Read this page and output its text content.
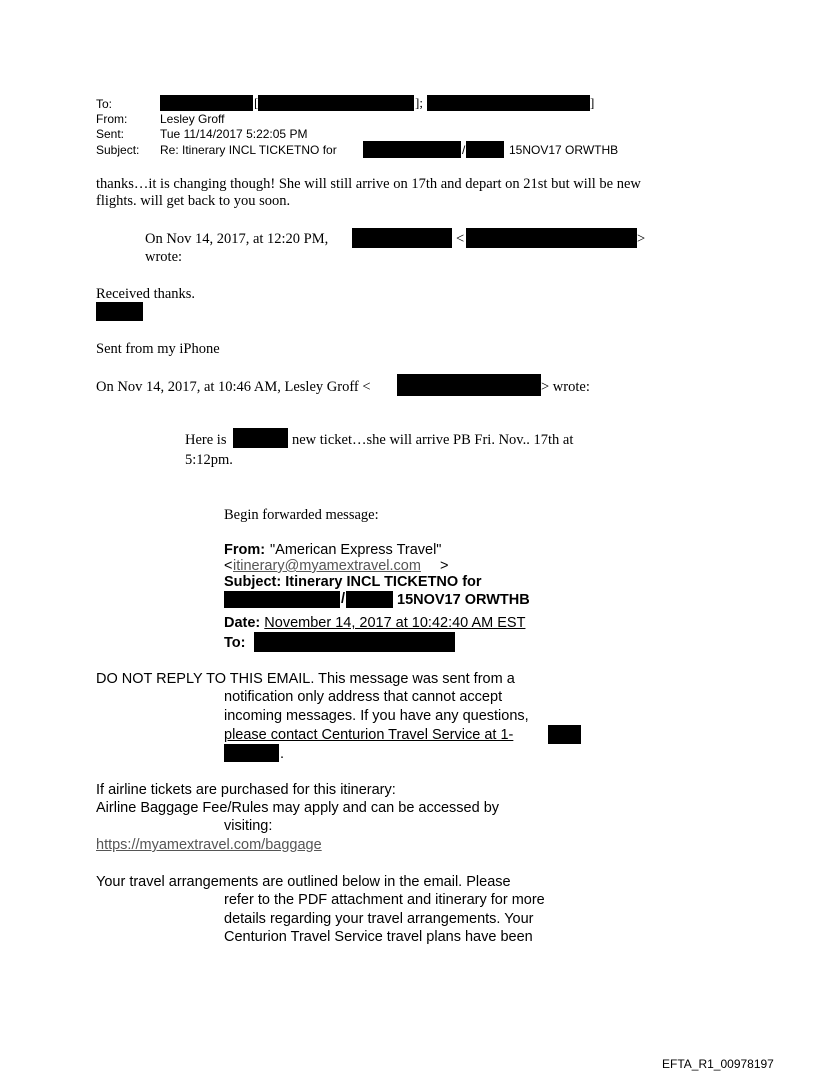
To:	[	];	]
From:	Lesley Groff
Sent:	Tue 11/14/2017 5:22:05 PM
Subject: Re: Itinerary INCL TICKETNO for	/	15NOV17 ORWTHB
thanks…it is changing though! She will still arrive on 17th and depart on 21st but will be new
flights. will get back to you soon.
On Nov 14, 2017, at 12:20 PM,	<	>
wrote:
Received thanks.
Sent from my iPhone
On Nov 14, 2017, at 10:46 AM, Lesley Groff <	> wrote:
Here is	new ticket…she will arrive PB Fri. Nov.. 17th at
5:12pm.
Begin forwarded message:
From: "American Express Travel"
< itinerary@myamextravel.com >
Subject: Itinerary INCL TICKETNO for
/	15NOV17 ORWTHB
Date: November 14, 2017 at 10:42:40 AM EST
To:
DO NOT REPLY TO THIS EMAIL. This message was sent from a
notification only address that cannot accept
incoming messages. If you have any questions,
please contact Centurion Travel Service at 1-
.
If airline tickets are purchased for this itinerary:
Airline Baggage Fee/Rules may apply and can be accessed by
visiting:
https://myamextravel.com/baggage
Your travel arrangements are outlined below in the email. Please
refer to the PDF attachment and itinerary for more
details regarding your travel arrangements. Your
Centurion Travel Service travel plans have been
EFTA_R1_00978197
